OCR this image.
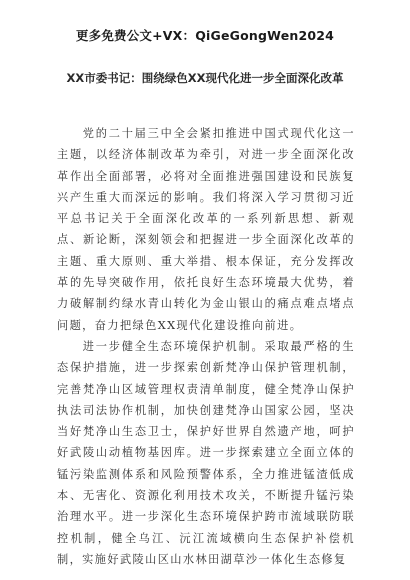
更多免费公文+VX：QiGeGongWen2024
XX市委书记：围绕绿色XX现代化进一步全面深化改革

党的二十届三中全会紧扣推进中国式现代化这一主题，以经济体制改革为牵引，对进一步全面深化改革作出全面部署，必将对全面推进强国建设和民族复兴产生重大而深远的影响。我们将深入学习贯彻习近平总书记关于全面深化改革的一系列新思想、新观点、新论断，深刻领会和把握进一步全面深化改革的主题、重大原则、重大举措、根本保证，充分发挥改革的先导突破作用，依托良好生态环境最大优势，着力破解制约绿水青山转化为金山银山的痛点难点堵点问题，奋力把绿色XX现代化建设推向前进。

进一步健全生态环境保护机制。采取最严格的生态保护措施，进一步探索创新梵净山保护管理机制，完善梵净山区域管理权责清单制度，健全梵净山保护执法司法协作机制，加快创建梵净山国家公园，坚决当好梵净山生态卫士，保护好世界自然遗产地，呵护好武陵山动植物基因库。进一步探索建立全面立体的锰污染监测体系和风险预警体系，全力推进锰渣低成本、无害化、资源化利用技术攻关，不断提升锰污染治理水平。进一步深化生态环境保护跨市流域联防联控机制，健全乌江、沅江流域横向生态保护补偿机制，实施好武陵山区山水林田湖草沙一体化生态修复
